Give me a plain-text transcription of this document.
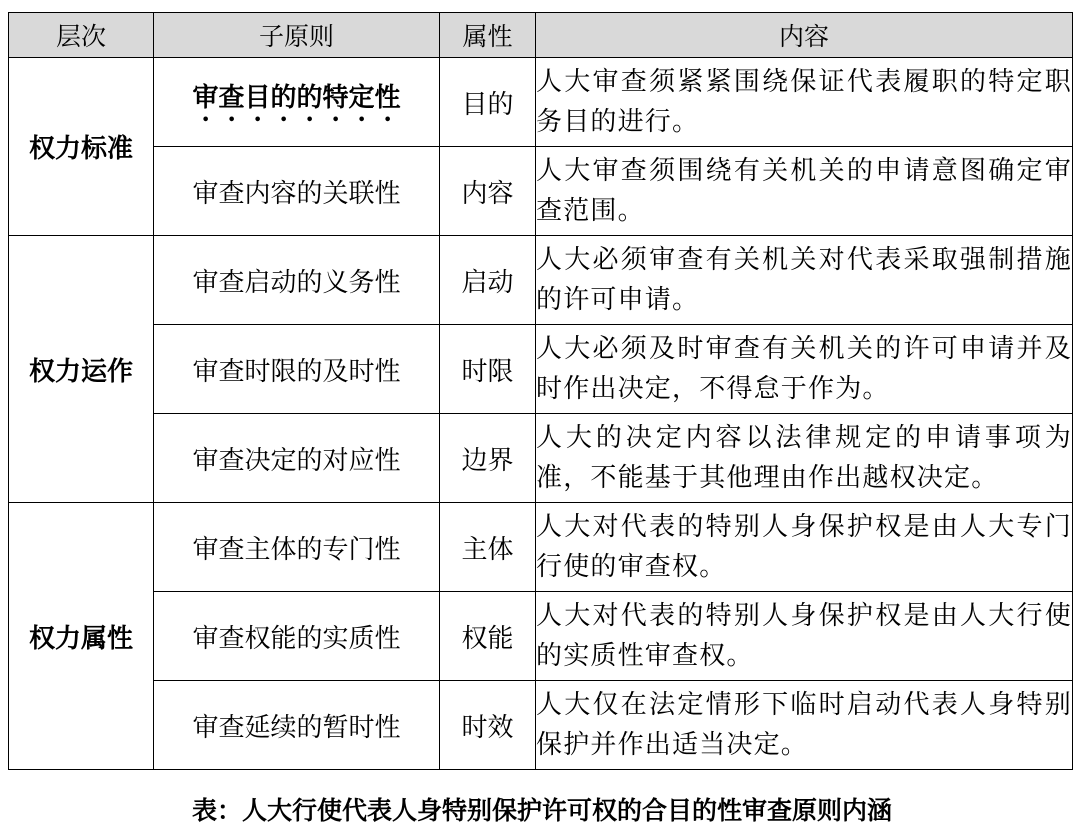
层次	子原则	属性	内容
权力标准	审查目的的特定性	目的	人大审查须紧紧围绕保证代表履职的特定职务目的进行。
	审查内容的关联性	内容	人大审查须围绕有关机关的申请意图确定审查范围。
权力运作	审查启动的义务性	启动	人大必须审查有关机关对代表采取强制措施的许可申请。
	审查时限的及时性	时限	人大必须及时审查有关机关的许可申请并及时作出决定，不得怠于作为。
	审查决定的对应性	边界	人大的决定内容以法律规定的申请事项为准，不能基于其他理由作出越权决定。
权力属性	审查主体的专门性	主体	人大对代表的特别人身保护权是由人大专门行使的审查权。
	审查权能的实质性	权能	人大对代表的特别人身保护权是由人大行使的实质性审查权。
	审查延续的暂时性	时效	人大仅在法定情形下临时启动代表人身特别保护并作出适当决定。
表：人大行使代表人身特别保护许可权的合目的性审查原则内涵
